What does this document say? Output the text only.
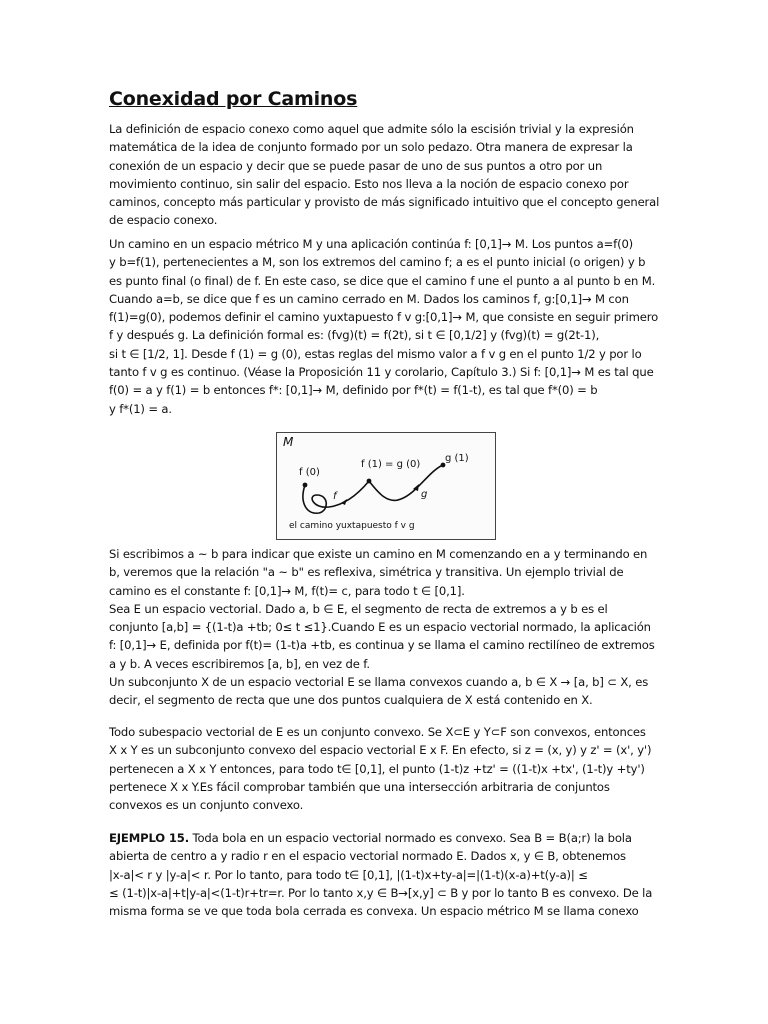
Conexidad por Caminos
La definición de espacio conexo como aquel que admite sólo la escisión trivial y la expresión
matemática de la idea de conjunto formado por un solo pedazo. Otra manera de expresar la
conexión de un espacio y decir que se puede pasar de uno de sus puntos a otro por un
movimiento continuo, sin salir del espacio. Esto nos lleva a la noción de espacio conexo por
caminos, concepto más particular y provisto de más significado intuitivo que el concepto general
de espacio conexo.
Un camino en un espacio métrico M y una aplicación continúa f: [0,1]→ M. Los puntos a=f(0)
y b=f(1), pertenecientes a M, son los extremos del camino f; a es el punto inicial (o origen) y b
es punto final (o final) de f. En este caso, se dice que el camino f une el punto a al punto b en M.
Cuando a=b, se dice que f es un camino cerrado en M. Dados los caminos f, g:[0,1]→ M con
f(1)=g(0), podemos definir el camino yuxtapuesto f v g:[0,1]→ M, que consiste en seguir primero
f y después g. La definición formal es: (fvg)(t) = f(2t), si t ∈ [0,1/2] y (fvg)(t) = g(2t-1),
si t ∈ [1/2, 1]. Desde f (1) = g (0), estas reglas del mismo valor a f v g en el punto 1/2 y por lo
tanto f v g es continuo. (Véase la Proposición 11 y corolario, Capítulo 3.) Si f: [0,1]→ M es tal que
f(0) = a y f(1) = b entonces f*: [0,1]→ M, definido por f*(t) = f(1-t), es tal que f*(0) = b
y f*(1) = a.
M
f (0)
f (1) = g (0)
g (1)
f	g
el camino yuxtapuesto f v g
Si escribimos a ~ b para indicar que existe un camino en M comenzando en a y terminando en
b, veremos que la relación "a ~ b" es reflexiva, simétrica y transitiva. Un ejemplo trivial de
camino es el constante f: [0,1]→ M, f(t)= c, para todo t ∈ [0,1].
Sea E un espacio vectorial. Dado a, b ∈ E, el segmento de recta de extremos a y b es el
conjunto [a,b] = {(1-t)a +tb; 0≤ t ≤1}.Cuando E es un espacio vectorial normado, la aplicación
f: [0,1]→ E, definida por f(t)= (1-t)a +tb, es continua y se llama el camino rectilíneo de extremos
a y b. A veces escribiremos [a, b], en vez de f.
Un subconjunto X de un espacio vectorial E se llama convexos cuando a, b ∈ X → [a, b] ⊂ X, es
decir, el segmento de recta que une dos puntos cualquiera de X está contenido en X.
Todo subespacio vectorial de E es un conjunto convexo. Se X⊂E y Y⊂F son convexos, entonces
X x Y es un subconjunto convexo del espacio vectorial E x F. En efecto, si z = (x, y) y z' = (x', y')
pertenecen a X x Y entonces, para todo t∈ [0,1], el punto (1-t)z +tz' = ((1-t)x +tx', (1-t)y +ty')
pertenece X x Y.Es fácil comprobar también que una intersección arbitraria de conjuntos
convexos es un conjunto convexo.
EJEMPLO 15. Toda bola en un espacio vectorial normado es convexo. Sea B = B(a;r) la bola
abierta de centro a y radio r en el espacio vectorial normado E. Dados x, y ∈ B, obtenemos
|x-a|< r y |y-a|< r. Por lo tanto, para todo t∈ [0,1], |(1-t)x+ty-a|=|(1-t)(x-a)+t(y-a)| ≤
≤ (1-t)|x-a|+t|y-a|<(1-t)r+tr=r. Por lo tanto x,y ∈ B→[x,y] ⊂ B y por lo tanto B es convexo. De la
misma forma se ve que toda bola cerrada es convexa. Un espacio métrico M se llama conexo
